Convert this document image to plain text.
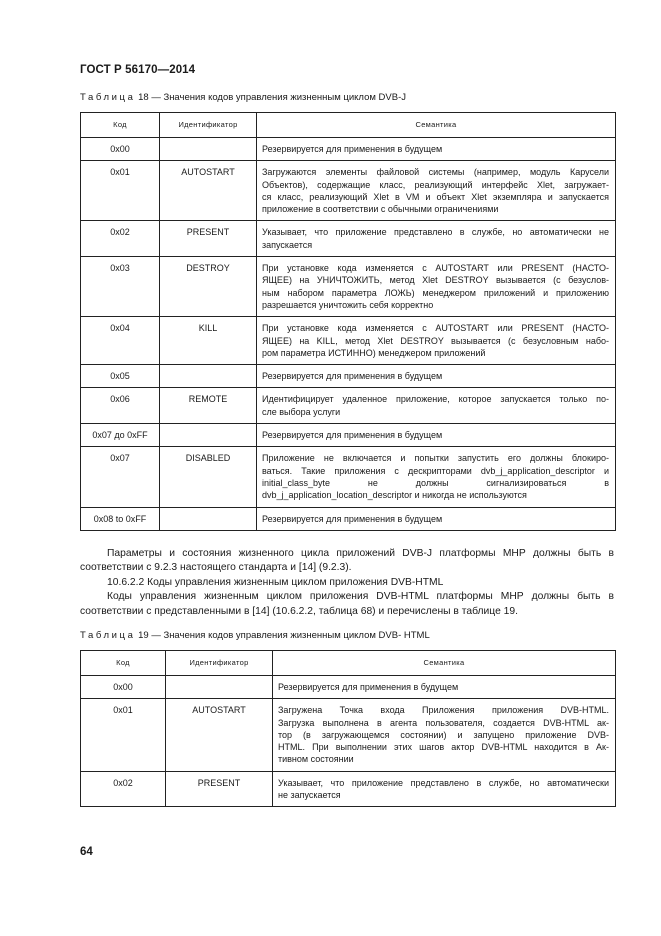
ГОСТ Р 56170—2014
Таблица 18 — Значения кодов управления жизненным циклом DVB-J
Код	Идентификатор	Семантика
0x00		Резервируется для применения в будущем

0x01	AUTOSTART	Загружаются элементы файловой системы (например, модуль Карусели
Объектов), содержащие класс, реализующий интерфейс Xlet, загружает-
ся класс, реализующий Xlet в VM и объект Xlet экземпляра и запускается
приложение в соответствии с обычными ограничениями

0x02	PRESENT	Указывает, что приложение представлено в службе, но автоматически не
запускается

0x03	DESTROY	При установке кода изменяется с AUTOSTART или PRESENT (НАСТО-
ЯЩЕЕ) на УНИЧТОЖИТЬ, метод Xlet DESTROY вызывается (с безуслов-
ным набором параметра ЛОЖЬ) менеджером приложений и приложению
разрешается уничтожить себя корректно

0x04	KILL	При установке кода изменяется с AUTOSTART или PRESENT (НАСТО-
ЯЩЕЕ) на KILL, метод Xlet DESTROY вызывается (с безусловным набо-
ром параметра ИСТИННО) менеджером приложений

0x05		Резервируется для применения в будущем

0x06	REMOTE	Идентифицирует удаленное приложение, которое запускается только по-
сле выбора услуги

0x07 до 0xFF		Резервируется для применения в будущем

0x07	DISABLED	Приложение не включается и попытки запустить его должны блокиро-
ваться. Такие приложения с дескрипторами dvb_j_application_descriptor и
initial_class_byte не должны сигнализироваться в
dvb_j_application_location_descriptor и никогда не используются

0x08 to 0xFF		Резервируется для применения в будущем

Параметры и состояния жизненного цикла приложений DVB-J платформы МНР должны быть в соответствии с 9.2.3 настоящего стандарта и [14] (9.2.3).

10.6.2.2 Коды управления жизненным циклом приложения DVB-HTML

Коды управления жизненным циклом приложения DVB-HTML платформы МНР должны быть в соответствии с представленными в [14] (10.6.2.2, таблица 68) и перечислены в таблице 19.

Таблица 19 — Значения кодов управления жизненным циклом DVB- HTML
Код	Идентификатор	Семантика
0x00		Резервируется для применения в будущем

0x01	AUTOSTART	Загружена Точка входа Приложения приложения DVB-HTML.
Загрузка выполнена в агента пользователя, создается DVB-HTML ак-
тор (в загружающемся состоянии) и запущено приложение DVB-
HTML. При выполнении этих шагов актор DVB-HTML находится в Ак-
тивном состоянии

0x02	PRESENT	Указывает, что приложение представлено в службе, но автоматически
не запускается
64
